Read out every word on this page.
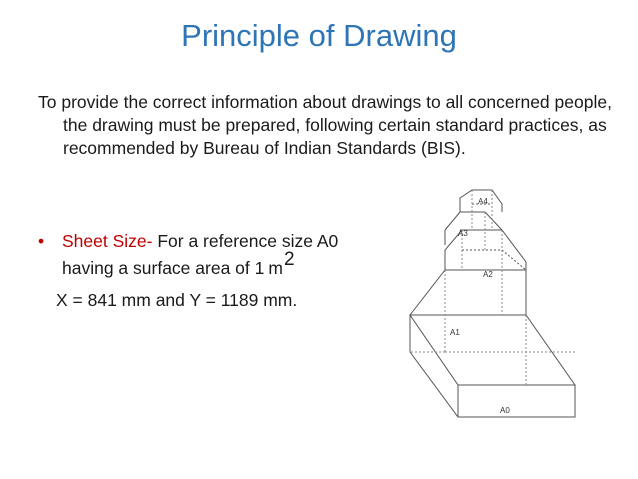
Principle of Drawing
To provide the correct information about drawings to all concerned people, the drawing must be prepared, following certain standard practices, as recommended by Bureau of Indian Standards (BIS).
• Sheet Size- For a reference size A0
having a surface area of 1 m2
X = 841 mm and Y = 1189 mm.
A0
A1
A2
A3
A4
